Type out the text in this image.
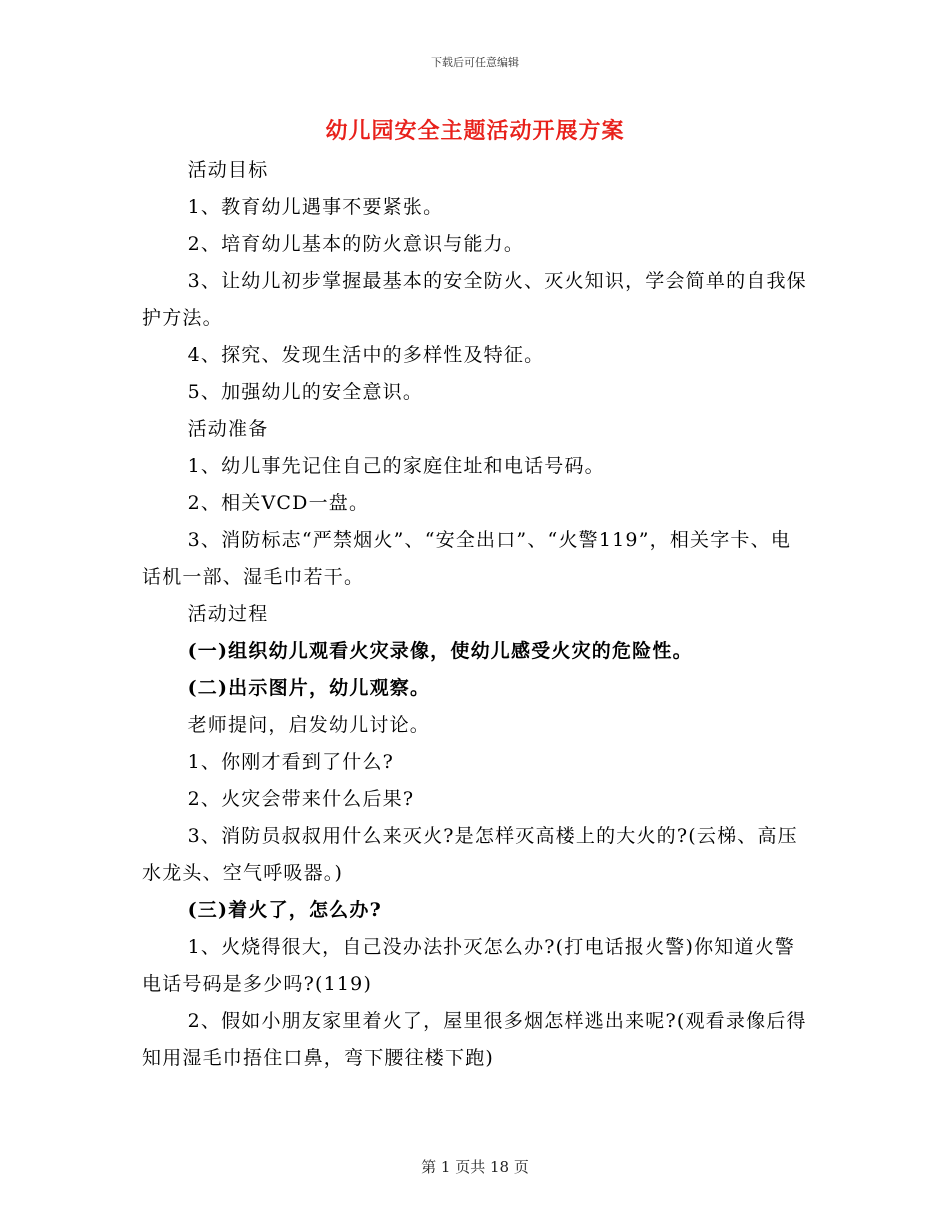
下载后可任意编辑
幼儿园安全主题活动开展方案

活动目标

1、教育幼儿遇事不要紧张。

2、培育幼儿基本的防火意识与能力。

3、让幼儿初步掌握最基本的安全防火、灭火知识，学会简单的自我保护方法。

4、探究、发现生活中的多样性及特征。

5、加强幼儿的安全意识。

活动准备

1、幼儿事先记住自己的家庭住址和电话号码。

2、相关VCD一盘。

3、消防标志“严禁烟火”、“安全出口”、“火警119”，相关字卡、电话机一部、湿毛巾若干。

活动过程

(一)组织幼儿观看火灾录像，使幼儿感受火灾的危险性。

(二)出示图片，幼儿观察。

老师提问，启发幼儿讨论。

1、你刚才看到了什么?

2、火灾会带来什么后果?

3、消防员叔叔用什么来灭火?是怎样灭高楼上的大火的?(云梯、高压水龙头、空气呼吸器。)

(三)着火了，怎么办?

1、火烧得很大，自己没办法扑灭怎么办?(打电话报火警)你知道火警电话号码是多少吗?(119)

2、假如小朋友家里着火了，屋里很多烟怎样逃出来呢?(观看录像后得知用湿毛巾捂住口鼻，弯下腰往楼下跑)

第 1 页共 18 页
